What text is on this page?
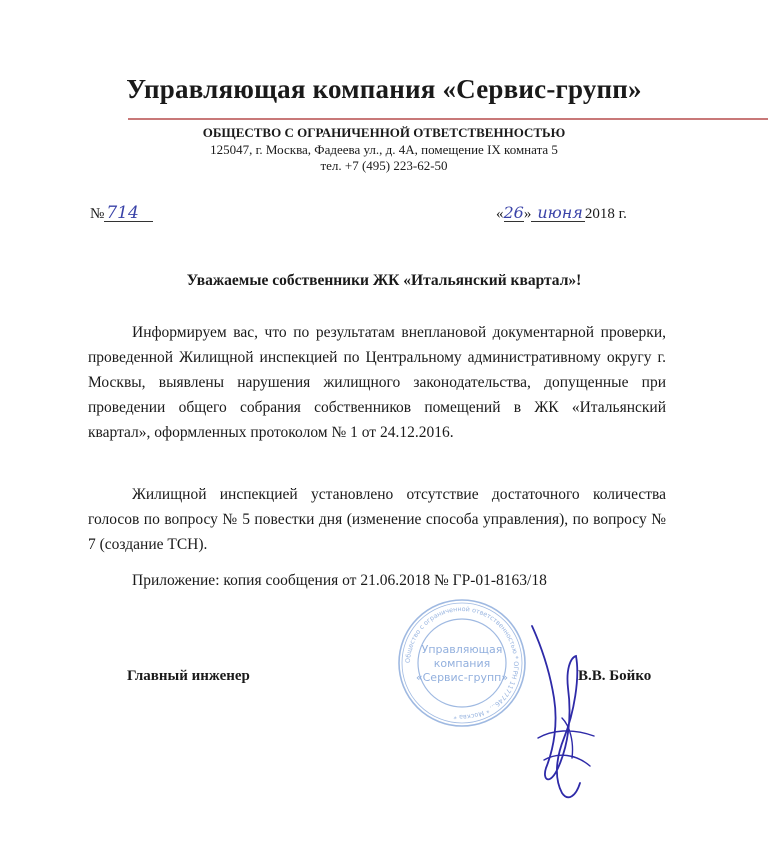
Управляющая компания «Сервис-групп»
ОБЩЕСТВО С ОГРАНИЧЕННОЙ ОТВЕТСТВЕННОСТЬЮ
125047, г. Москва, Фадеева ул., д. 4А, помещение IX комната 5
тел. +7 (495) 223-62-50
№ 714	«26» июня 2018 г.
Уважаемые собственники ЖК «Итальянский квартал»!
Информируем вас, что по результатам внеплановой документарной проверки, проведенной Жилищной инспекцией по Центральному административному округу г. Москвы, выявлены нарушения жилищного законодательства, допущенные при проведении общего собрания собственников помещений в ЖК «Итальянский квартал», оформленных протоколом № 1 от 24.12.2016.
Жилищной инспекцией установлено отсутствие достаточного количества голосов по вопросу № 5 повестки дня (изменение способа управления), по вопросу № 7 (создание ТСН).
Приложение: копия сообщения от 21.06.2018 № ГР-01-8163/18
Главный инженер	В.В. Бойко
Общество с ограниченной ответственностью * ОГРН 1177746... * Москва *
Управляющая
компания
«Сервис-групп»
